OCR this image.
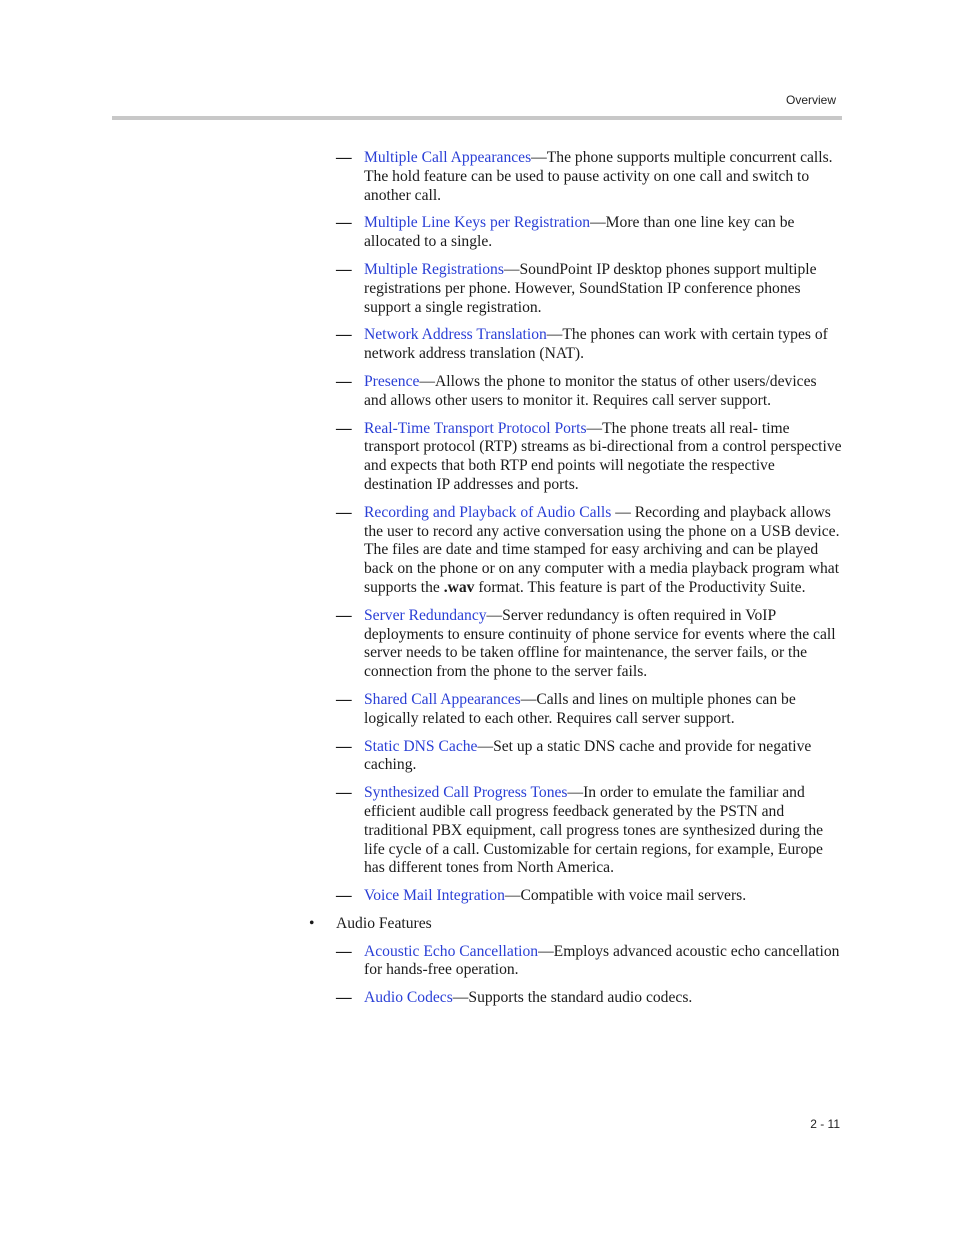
Overview
— Multiple Call Appearances—The phone supports multiple concurrent calls. The hold feature can be used to pause activity on one call and switch to another call.
— Multiple Line Keys per Registration—More than one line key can be allocated to a single.
— Multiple Registrations—SoundPoint IP desktop phones support multiple registrations per phone. However, SoundStation IP conference phones support a single registration.
— Network Address Translation—The phones can work with certain types of network address translation (NAT).
— Presence—Allows the phone to monitor the status of other users/devices and allows other users to monitor it. Requires call server support.
— Real-Time Transport Protocol Ports—The phone treats all real- time transport protocol (RTP) streams as bi-directional from a control perspective and expects that both RTP end points will negotiate the respective destination IP addresses and ports.
— Recording and Playback of Audio Calls — Recording and playback allows the user to record any active conversation using the phone on a USB device. The files are date and time stamped for easy archiving and can be played back on the phone or on any computer with a media playback program what supports the .wav format. This feature is part of the Productivity Suite.
— Server Redundancy—Server redundancy is often required in VoIP deployments to ensure continuity of phone service for events where the call server needs to be taken offline for maintenance, the server fails, or the connection from the phone to the server fails.
— Shared Call Appearances—Calls and lines on multiple phones can be logically related to each other. Requires call server support.
— Static DNS Cache—Set up a static DNS cache and provide for negative caching.
— Synthesized Call Progress Tones—In order to emulate the familiar and efficient audible call progress feedback generated by the PSTN and traditional PBX equipment, call progress tones are synthesized during the life cycle of a call. Customizable for certain regions, for example, Europe has different tones from North America.
— Voice Mail Integration—Compatible with voice mail servers.
• Audio Features
— Acoustic Echo Cancellation—Employs advanced acoustic echo cancellation for hands-free operation.
— Audio Codecs—Supports the standard audio codecs.
2 - 11
